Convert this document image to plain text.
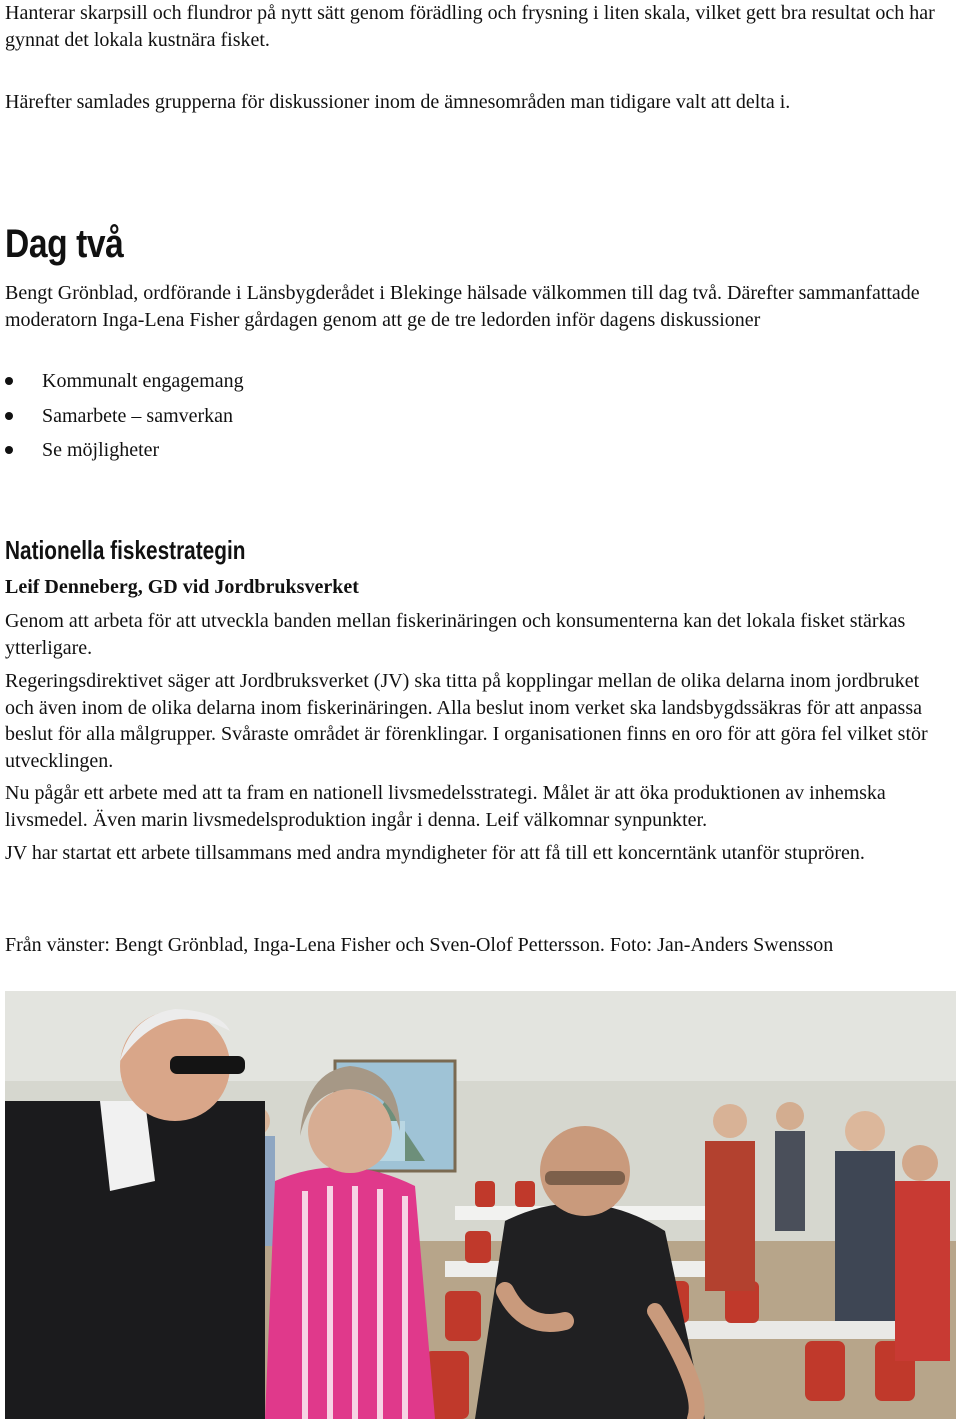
Hanterar skarpsill och flundror på nytt sätt genom förädling och frysning i liten skala, vilket gett bra resultat och har gynnat det lokala kustnära fisket.

Härefter samlades grupperna för diskussioner inom de ämnesområden man tidigare valt att delta i.

Dag två

Bengt Grönblad, ordförande i Länsbygderådet i Blekinge hälsade välkommen till dag två. Därefter sammanfattade moderatorn Inga-Lena Fisher gårdagen genom att ge de tre ledorden inför dagens diskussioner

Kommunalt engagemang
Samarbete – samverkan
Se möjligheter
Nationella fiskestrategin

Leif Denneberg, GD vid Jordbruksverket

Genom att arbeta för att utveckla banden mellan fiskerinäringen och konsumenterna kan det lokala fisket stärkas ytterligare.

Regeringsdirektivet säger att Jordbruksverket (JV) ska titta på kopplingar mellan de olika delarna inom jordbruket och även inom de olika delarna inom fiskerinäringen. Alla beslut inom verket ska landsbygdssäkras för att anpassa beslut för alla målgrupper. Svåraste området är förenklingar. I organisationen finns en oro för att göra fel vilket stör utvecklingen.

Nu pågår ett arbete med att ta fram en nationell livsmedelsstrategi. Målet är att öka produktionen av inhemska livsmedel. Även marin livsmedelsproduktion ingår i denna. Leif välkomnar synpunkter.

JV har startat ett arbete tillsammans med andra myndigheter för att få till ett koncerntänk utanför stuprören.

Från vänster: Bengt Grönblad, Inga-Lena Fisher och Sven-Olof Pettersson. Foto: Jan-Anders Swensson
